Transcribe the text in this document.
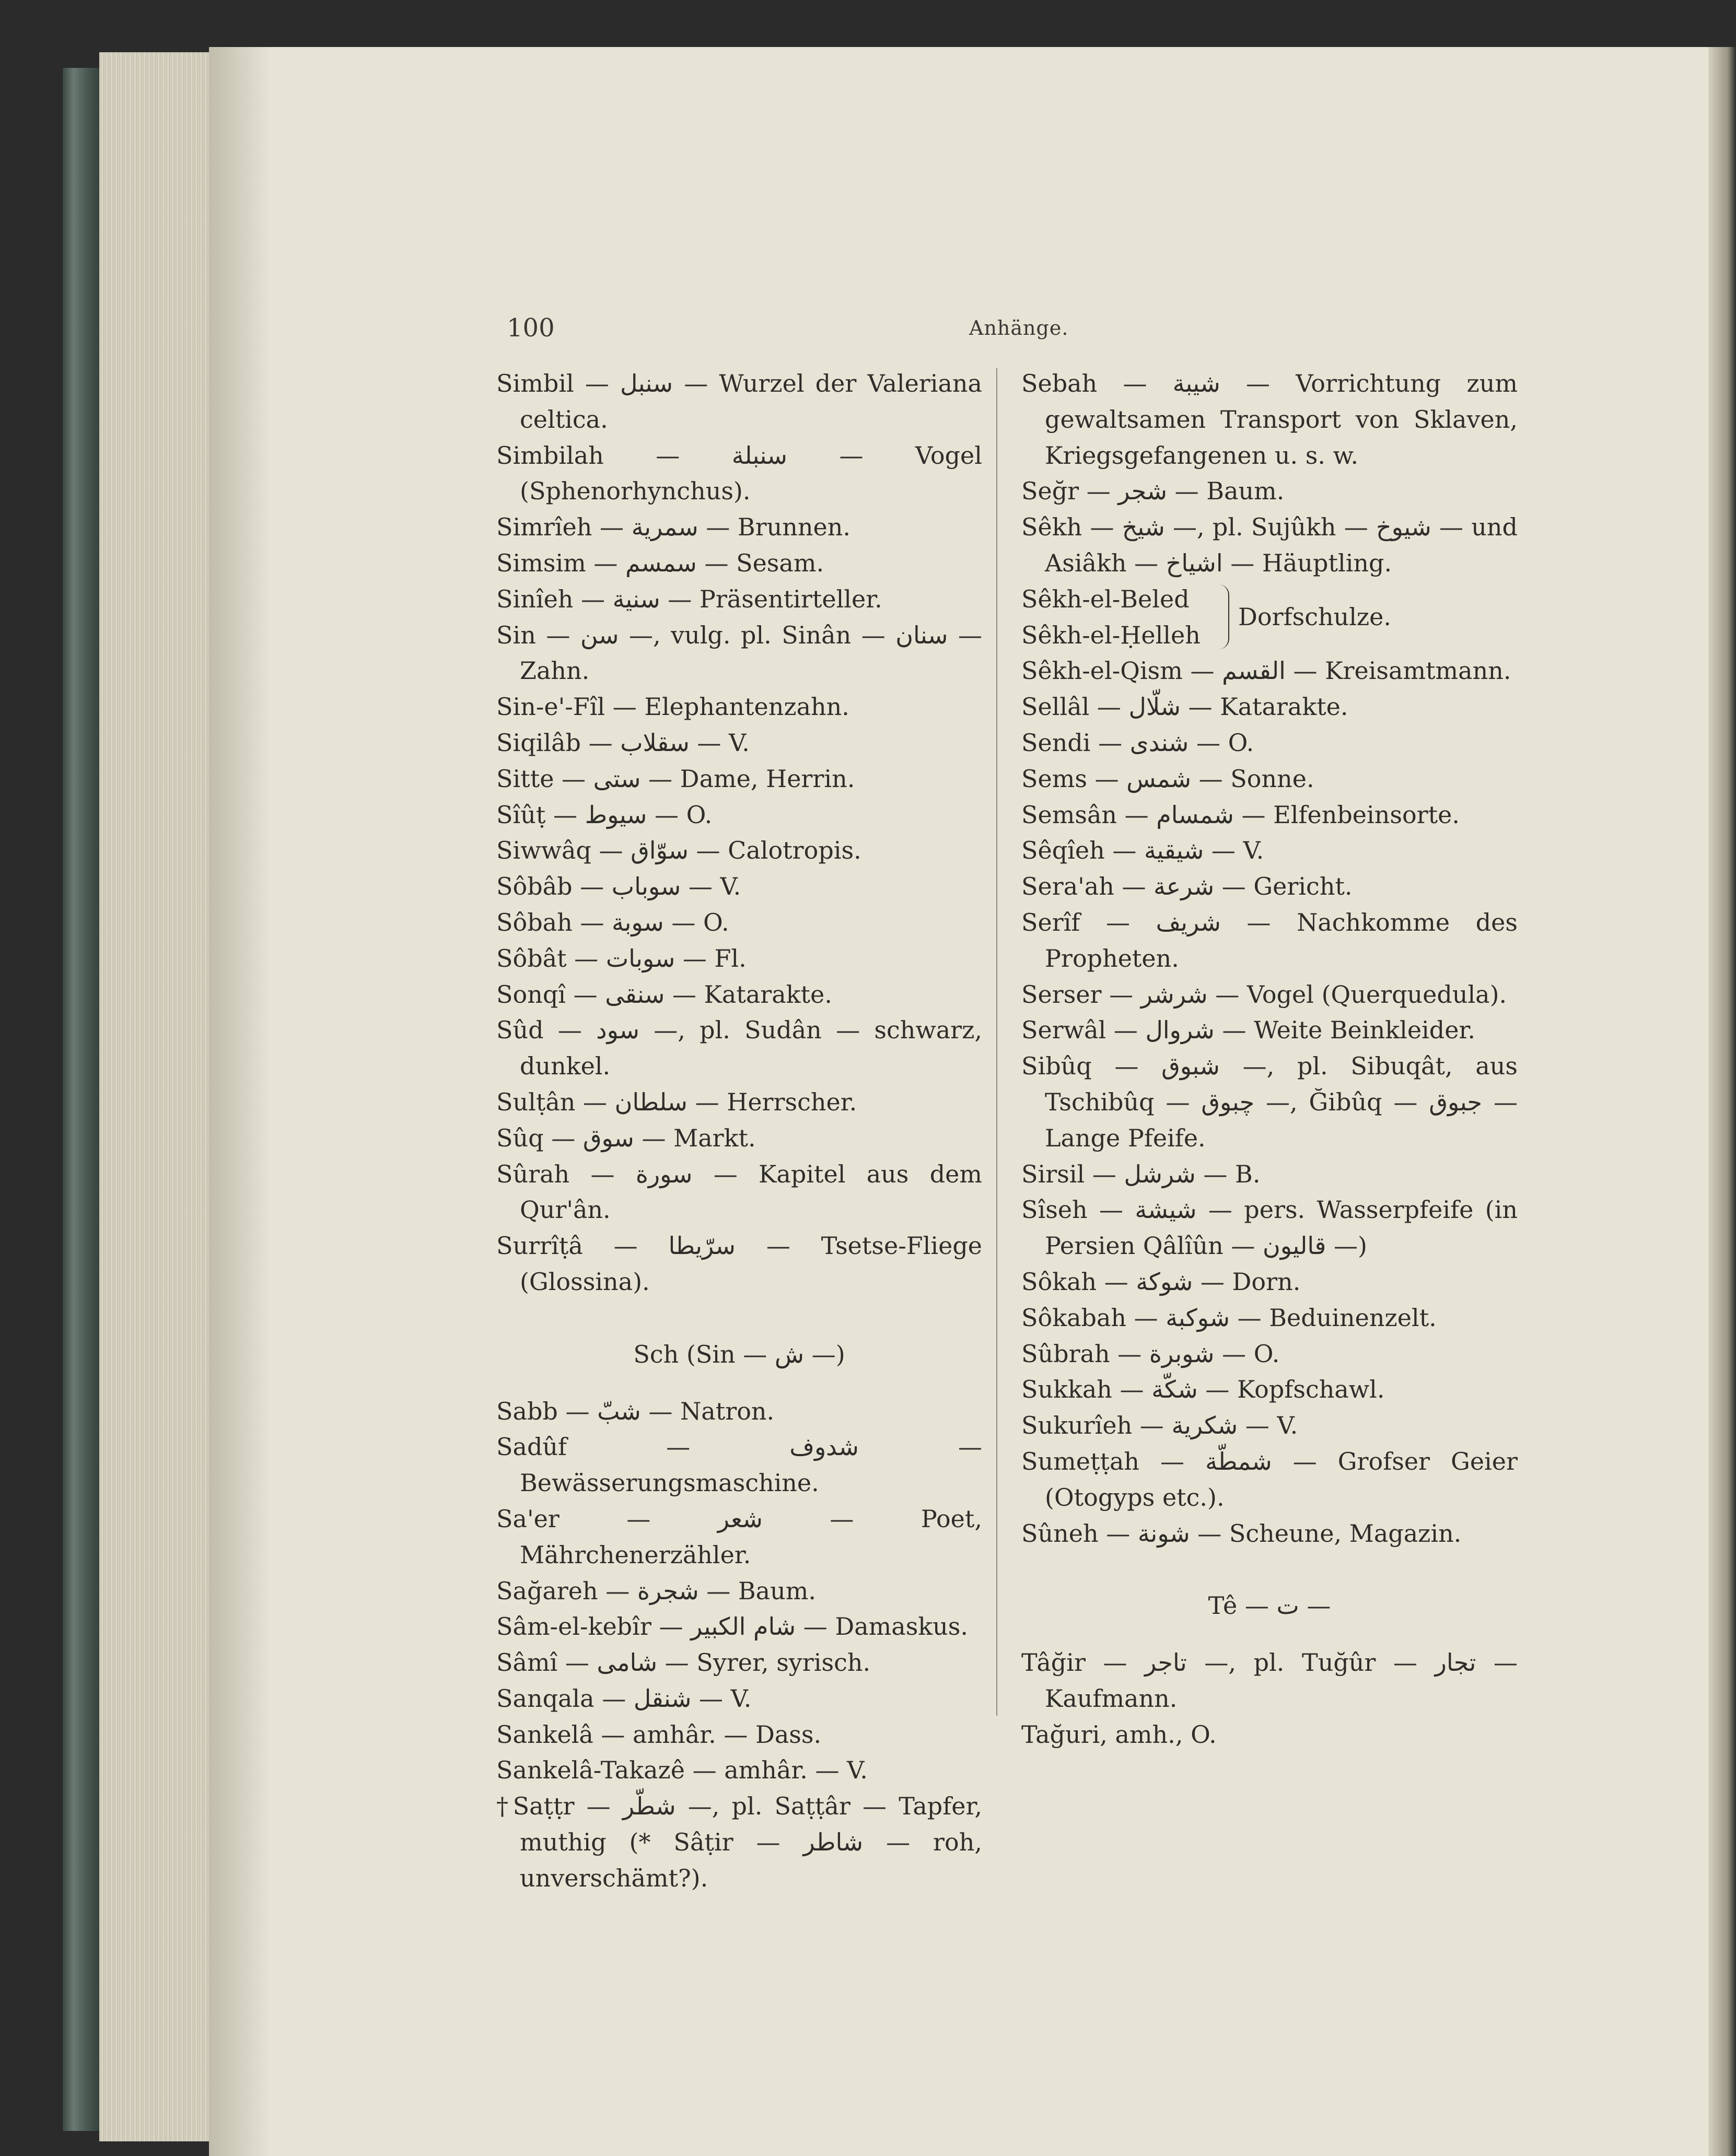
100	Anhänge.

Simbil — سنبل — Wurzel der Valeriana celtica.

Simbilah — سنبلة — Vogel (Sphenorhynchus).

Simrîeh — سمرية — Brunnen.

Simsim — سمسم — Sesam.

Sinîeh — سنية — Präsentirteller.

Sin — سن —, vulg. pl. Sinân — سنان — Zahn.

Sin-e'-Fîl — Elephantenzahn.

Siqilâb — سقلاب — V.

Sitte — ستى — Dame, Herrin.

Sîûṭ — سيوط — O.

Siwwâq — سوّاق — Calotropis.

Sôbâb — سوباب — V.

Sôbah — سوبة — O.

Sôbât — سوبات — Fl.

Sonqî — سنقى — Katarakte.

Sûd — سود —, pl. Sudân — schwarz, dunkel.

Sulṭân — سلطان — Herrscher.

Sûq — سوق — Markt.

Sûrah — سورة — Kapitel aus dem Qur'ân.

Surrîṭâ — سرّيطا — Tsetse-Fliege (Glossina).

Sch (Sin — ش —)

Sabb — شبّ — Natron.

Sadûf — شدوف — Bewässerungsmaschine.

Sa'er — شعر — Poet, Mährchenerzähler.

Sağareh — شجرة — Baum.

Sâm-el-kebîr — شام الكبير — Damaskus.

Sâmî — شامى — Syrer, syrisch.

Sanqala — شنقل — V.

Sankelâ — amhâr. — Dass.

Sankelâ-Takazê — amhâr. — V.

†Saṭṭr — شطّر —, pl. Saṭṭâr — Tapfer, muthig (* Sâṭir — شاطر — roh, unverschämt?).

Sebah — شيبة — Vorrichtung zum gewaltsamen Transport von Sklaven, Kriegsgefangenen u. s. w.

Seğr — شجر — Baum.

Sêkh — شيخ —, pl. Sujûkh — شيوخ — und Asiâkh — اشياخ — Häuptling.

Sêkh-el-Beled
Sêkh-el-Ḥelleh
Dorfschulze.

Sêkh-el-Qism — القسم — Kreisamtmann.

Sellâl — شلّال — Katarakte.

Sendi — شندى — O.

Sems — شمس — Sonne.

Semsân — شمسام — Elfenbeinsorte.

Sêqîeh — شيقية — V.

Sera'ah — شرعة — Gericht.

Serîf — شريف — Nachkomme des Propheten.

Serser — شرشر — Vogel (Querquedula).

Serwâl — شروال — Weite Beinkleider.

Sibûq — شبوق —, pl. Sibuqât, aus Tschibûq — چبوق —, Ğibûq — جبوق — Lange Pfeife.

Sirsil — شرشل — B.

Sîseh — شيشة — pers. Wasserpfeife (in Persien Qâlîûn — قاليون —)

Sôkah — شوكة — Dorn.

Sôkabah — شوكبة — Beduinenzelt.

Sûbrah — شوبرة — O.

Sukkah — شكّة — Kopfschawl.

Sukurîeh — شكرية — V.

Sumeṭṭah — شمطّة — Grofser Geier (Otogyps etc.).

Sûneh — شونة — Scheune, Magazin.

Tê — ت —

Tâğir — تاجر —, pl. Tuğûr — تجار — Kaufmann.

Tağuri, amh., O.
